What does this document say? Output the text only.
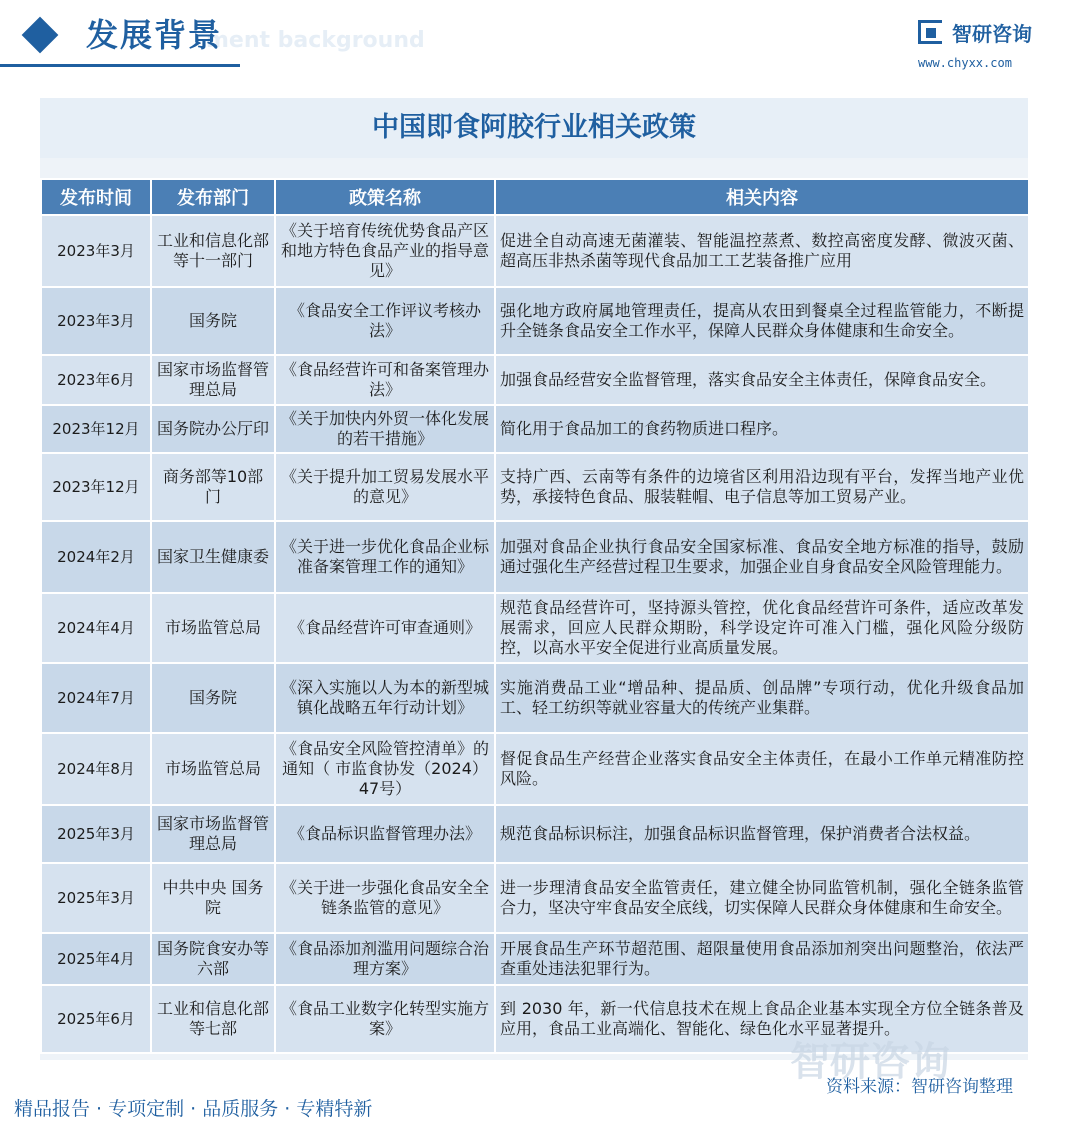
ment background
发展背景	智研咨询
www.chyxx.com
中国即食阿胶行业相关政策
发布时间	发布部门	政策名称	相关内容
2023年3月	工业和信息化部等十一部门	《关于培育传统优势食品产区和地方特色食品产业的指导意见》	促进全自动高速无菌灌装、智能温控蒸煮、数控高密度发酵、微波灭菌、超高压非热杀菌等现代食品加工工艺装备推广应用
2023年3月	国务院	《食品安全工作评议考核办法》	强化地方政府属地管理责任，提高从农田到餐桌全过程监管能力，不断提升全链条食品安全工作水平，保障人民群众身体健康和生命安全。
2023年6月	国家市场监督管理总局	《食品经营许可和备案管理办法》	加强食品经营安全监督管理，落实食品安全主体责任，保障食品安全。
2023年12月	国务院办公厅印	《关于加快内外贸一体化发展的若干措施》	简化用于食品加工的食药物质进口程序。
2023年12月	商务部等10部门	《关于提升加工贸易发展水平的意见》	支持广西、云南等有条件的边境省区利用沿边现有平台，发挥当地产业优势，承接特色食品、服装鞋帽、电子信息等加工贸易产业。
2024年2月	国家卫生健康委	《关于进一步优化食品企业标准备案管理工作的通知》	加强对食品企业执行食品安全国家标准、食品安全地方标准的指导，鼓励通过强化生产经营过程卫生要求，加强企业自身食品安全风险管理能力。
2024年4月	市场监管总局	《食品经营许可审查通则》	规范食品经营许可，坚持源头管控，优化食品经营许可条件，适应改革发展需求，回应人民群众期盼，科学设定许可准入门槛，强化风险分级防控，以高水平安全促进行业高质量发展。
2024年7月	国务院	《深入实施以人为本的新型城镇化战略五年行动计划》	实施消费品工业“增品种、提品质、创品牌”专项行动，优化升级食品加工、轻工纺织等就业容量大的传统产业集群。
2024年8月	市场监管总局	《食品安全风险管控清单》的通知（ 市监食协发（2024）47号）	督促食品生产经营企业落实食品安全主体责任，在最小工作单元精准防控风险。
2025年3月	国家市场监督管理总局	《食品标识监督管理办法》	规范食品标识标注，加强食品标识监督管理，保护消费者合法权益。
2025年3月	中共中央 国务院	《关于进一步强化食品安全全链条监管的意见》	进一步理清食品安全监管责任，建立健全协同监管机制，强化全链条监管合力，坚决守牢食品安全底线，切实保障人民群众身体健康和生命安全。
2025年4月	国务院食安办等六部	《食品添加剂滥用问题综合治理方案》	开展食品生产环节超范围、超限量使用食品添加剂突出问题整治，依法严查重处违法犯罪行为。
2025年6月	工业和信息化部等七部	《食品工业数字化转型实施方案》	到 2030 年，新一代信息技术在规上食品企业基本实现全方位全链条普及应用，食品工业高端化、智能化、绿色化水平显著提升。
智研咨询
资料来源：智研咨询整理
精品报告 · 专项定制 · 品质服务 · 专精特新
